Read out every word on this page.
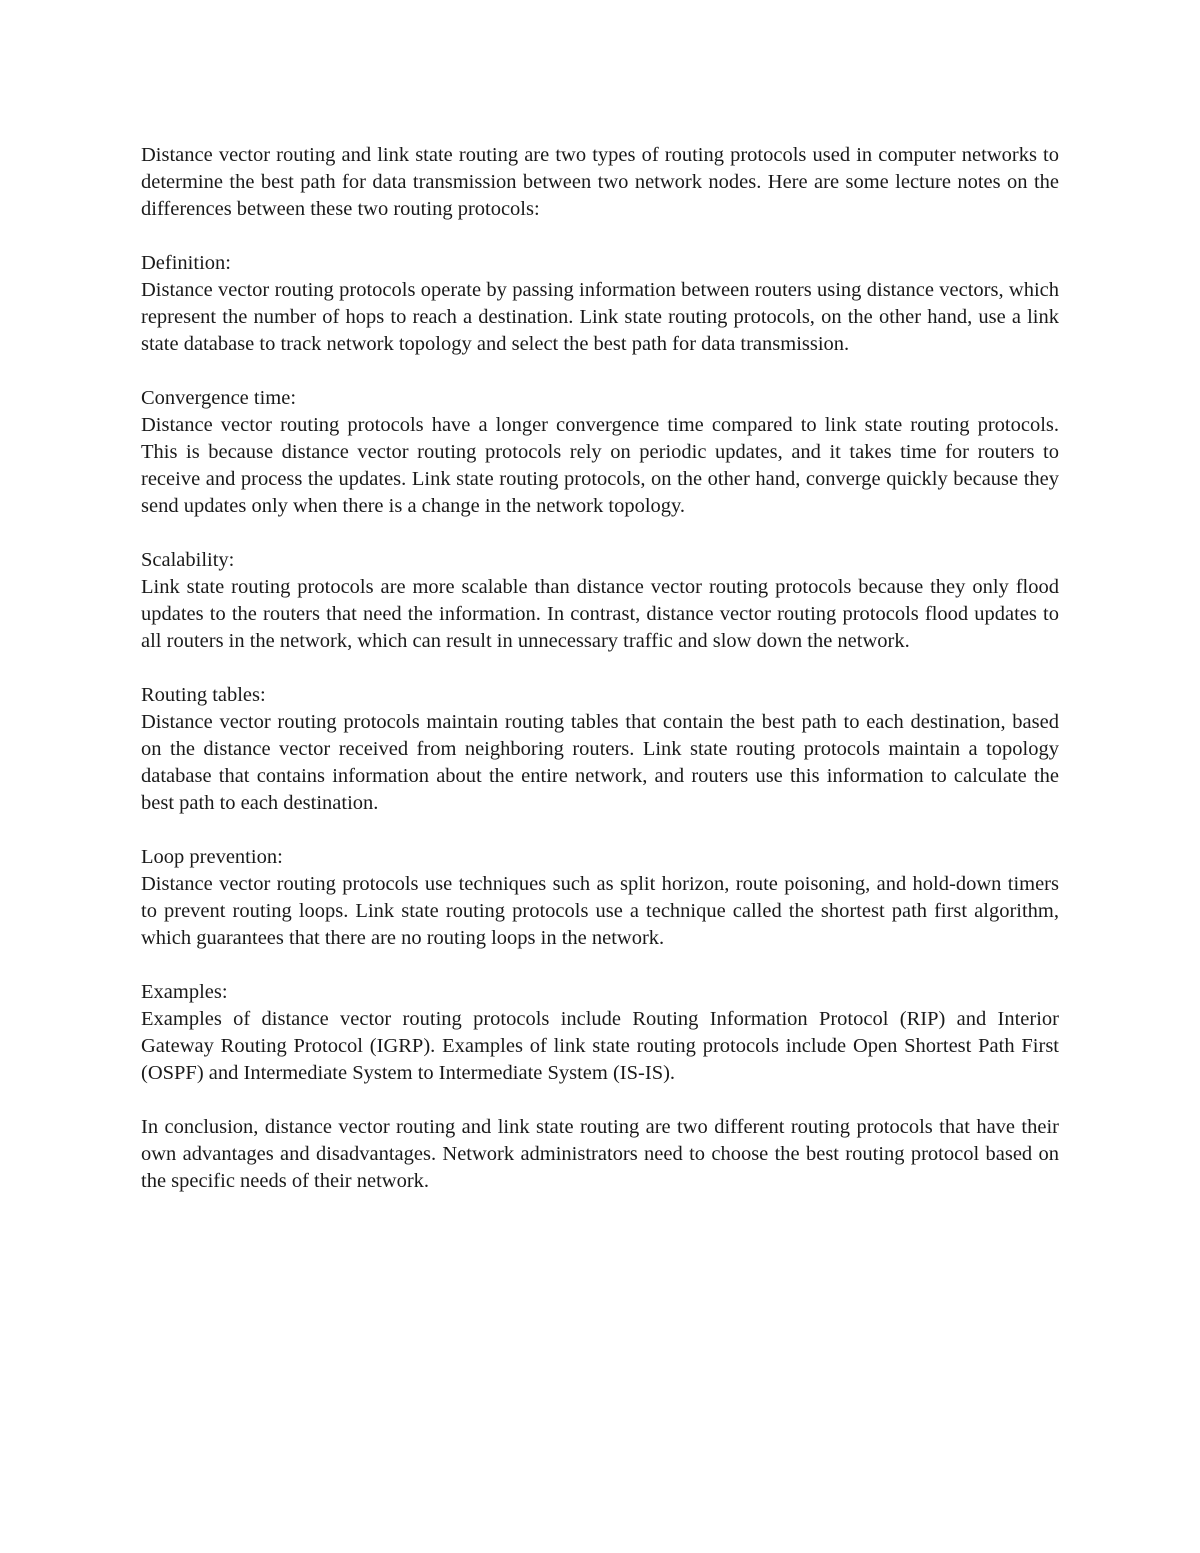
Distance vector routing and link state routing are two types of routing protocols used in computer networks to determine the best path for data transmission between two network nodes. Here are some lecture notes on the differences between these two routing protocols:

Definition:

Distance vector routing protocols operate by passing information between routers using distance vectors, which represent the number of hops to reach a destination. Link state routing protocols, on the other hand, use a link state database to track network topology and select the best path for data transmission.

Convergence time:

Distance vector routing protocols have a longer convergence time compared to link state routing protocols. This is because distance vector routing protocols rely on periodic updates, and it takes time for routers to receive and process the updates. Link state routing protocols, on the other hand, converge quickly because they send updates only when there is a change in the network topology.

Scalability:

Link state routing protocols are more scalable than distance vector routing protocols because they only flood updates to the routers that need the information. In contrast, distance vector routing protocols flood updates to all routers in the network, which can result in unnecessary traffic and slow down the network.

Routing tables:

Distance vector routing protocols maintain routing tables that contain the best path to each destination, based on the distance vector received from neighboring routers. Link state routing protocols maintain a topology database that contains information about the entire network, and routers use this information to calculate the best path to each destination.

Loop prevention:

Distance vector routing protocols use techniques such as split horizon, route poisoning, and hold-down timers to prevent routing loops. Link state routing protocols use a technique called the shortest path first algorithm, which guarantees that there are no routing loops in the network.

Examples:

Examples of distance vector routing protocols include Routing Information Protocol (RIP) and Interior Gateway Routing Protocol (IGRP). Examples of link state routing protocols include Open Shortest Path First (OSPF) and Intermediate System to Intermediate System (IS-IS).

In conclusion, distance vector routing and link state routing are two different routing protocols that have their own advantages and disadvantages. Network administrators need to choose the best routing protocol based on the specific needs of their network.
